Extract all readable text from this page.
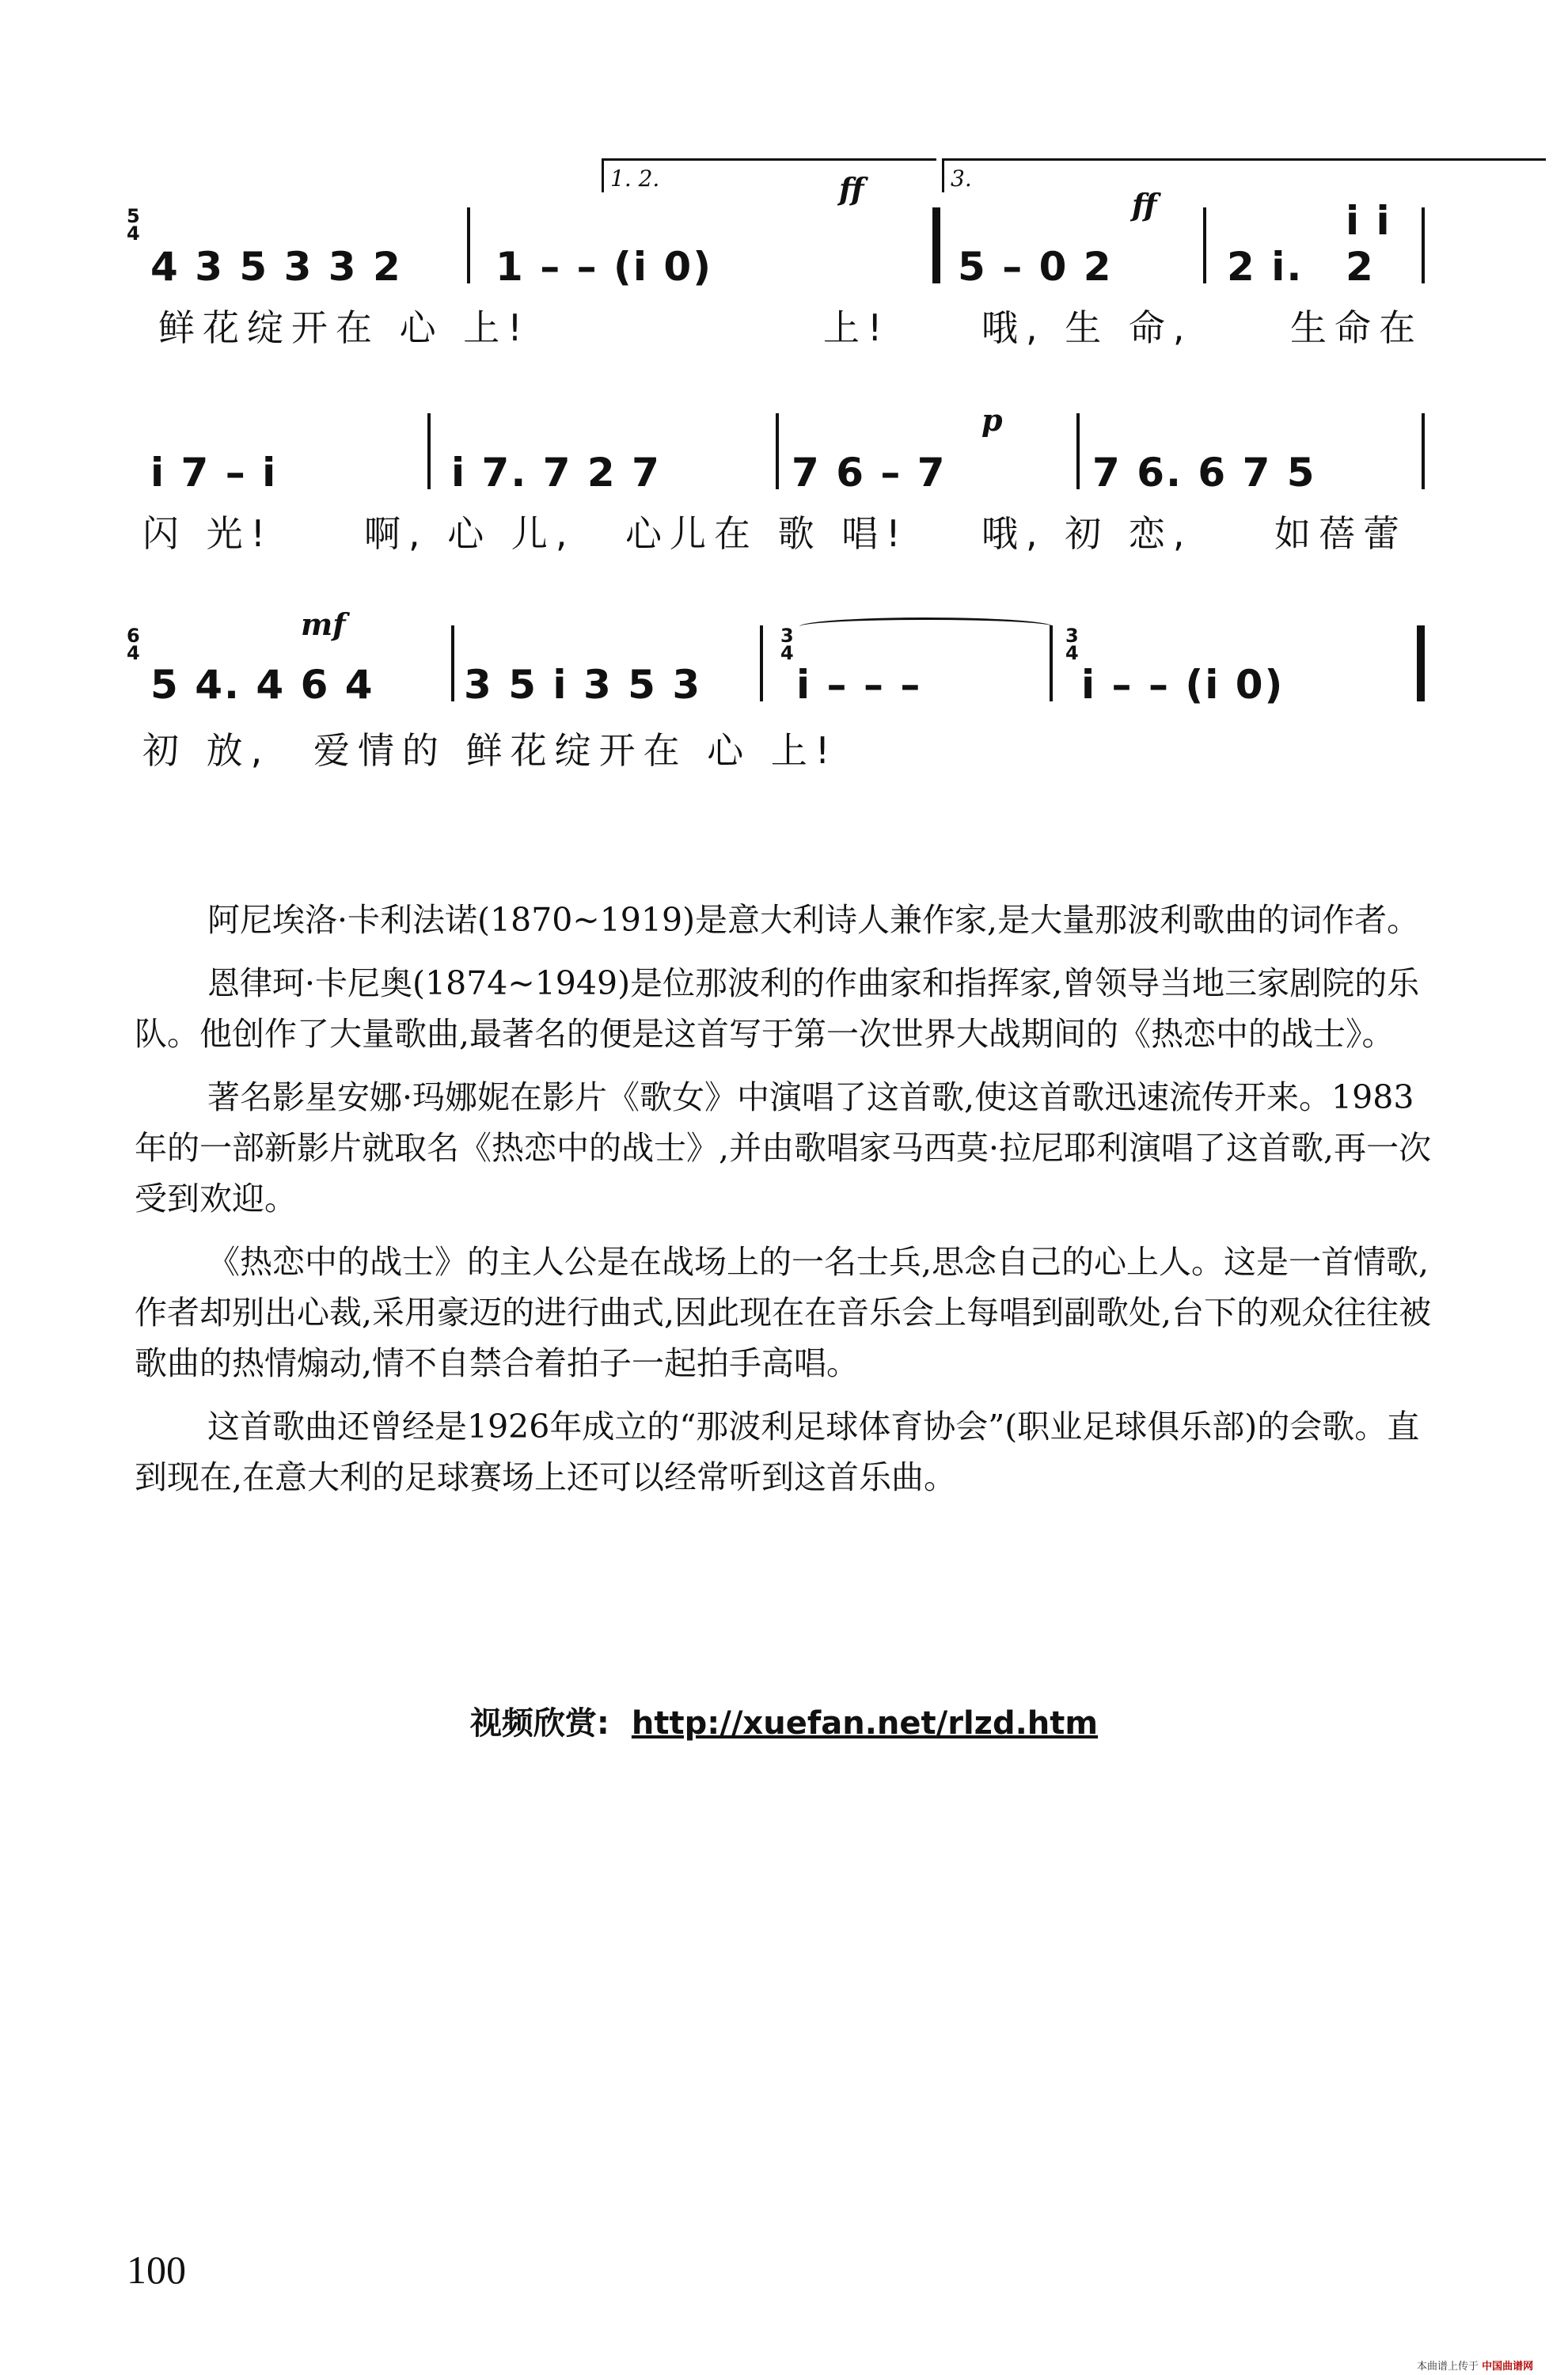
1. 2.	3.
ff	ff
5
4
4 3 5 3 3 2 1 – – (i 0)	5 – 0 2	2 i.
i i 2
鲜花绽开在 心 上!	上!	哦, 生 命,	生命在
p
i 7 – i	i 7. 7 2 7	7 6 – 7	7 6. 6 7 5
闪 光! 啊, 心 儿, 心儿在 歌 唱! 哦, 初 恋, 如蓓蕾
mf
6
4
3
4
3
4
5 4. 4 6 4 3 5 i 3 5 3 i – – –	i – – (i 0)
初 放, 爱情的 鲜花绽开在 心 上!

阿尼埃洛·卡利法诺(1870~1919)是意大利诗人兼作家,是大量那波利歌曲的词作者。

恩律珂·卡尼奥(1874~1949)是位那波利的作曲家和指挥家,曾领导当地三家剧院的乐队。他创作了大量歌曲,最著名的便是这首写于第一次世界大战期间的《热恋中的战士》。

著名影星安娜·玛娜妮在影片《歌女》中演唱了这首歌,使这首歌迅速流传开来。1983年的一部新影片就取名《热恋中的战士》,并由歌唱家马西莫·拉尼耶利演唱了这首歌,再一次受到欢迎。

《热恋中的战士》的主人公是在战场上的一名士兵,思念自己的心上人。这是一首情歌,作者却别出心裁,采用豪迈的进行曲式,因此现在在音乐会上每唱到副歌处,台下的观众往往被歌曲的热情煽动,情不自禁合着拍子一起拍手高唱。

这首歌曲还曾经是1926年成立的“那波利足球体育协会”(职业足球俱乐部)的会歌。直到现在,在意大利的足球赛场上还可以经常听到这首乐曲。

视频欣赏: http://xuefan.net/rlzd.htm
100
本曲谱上传于 中国曲谱网
